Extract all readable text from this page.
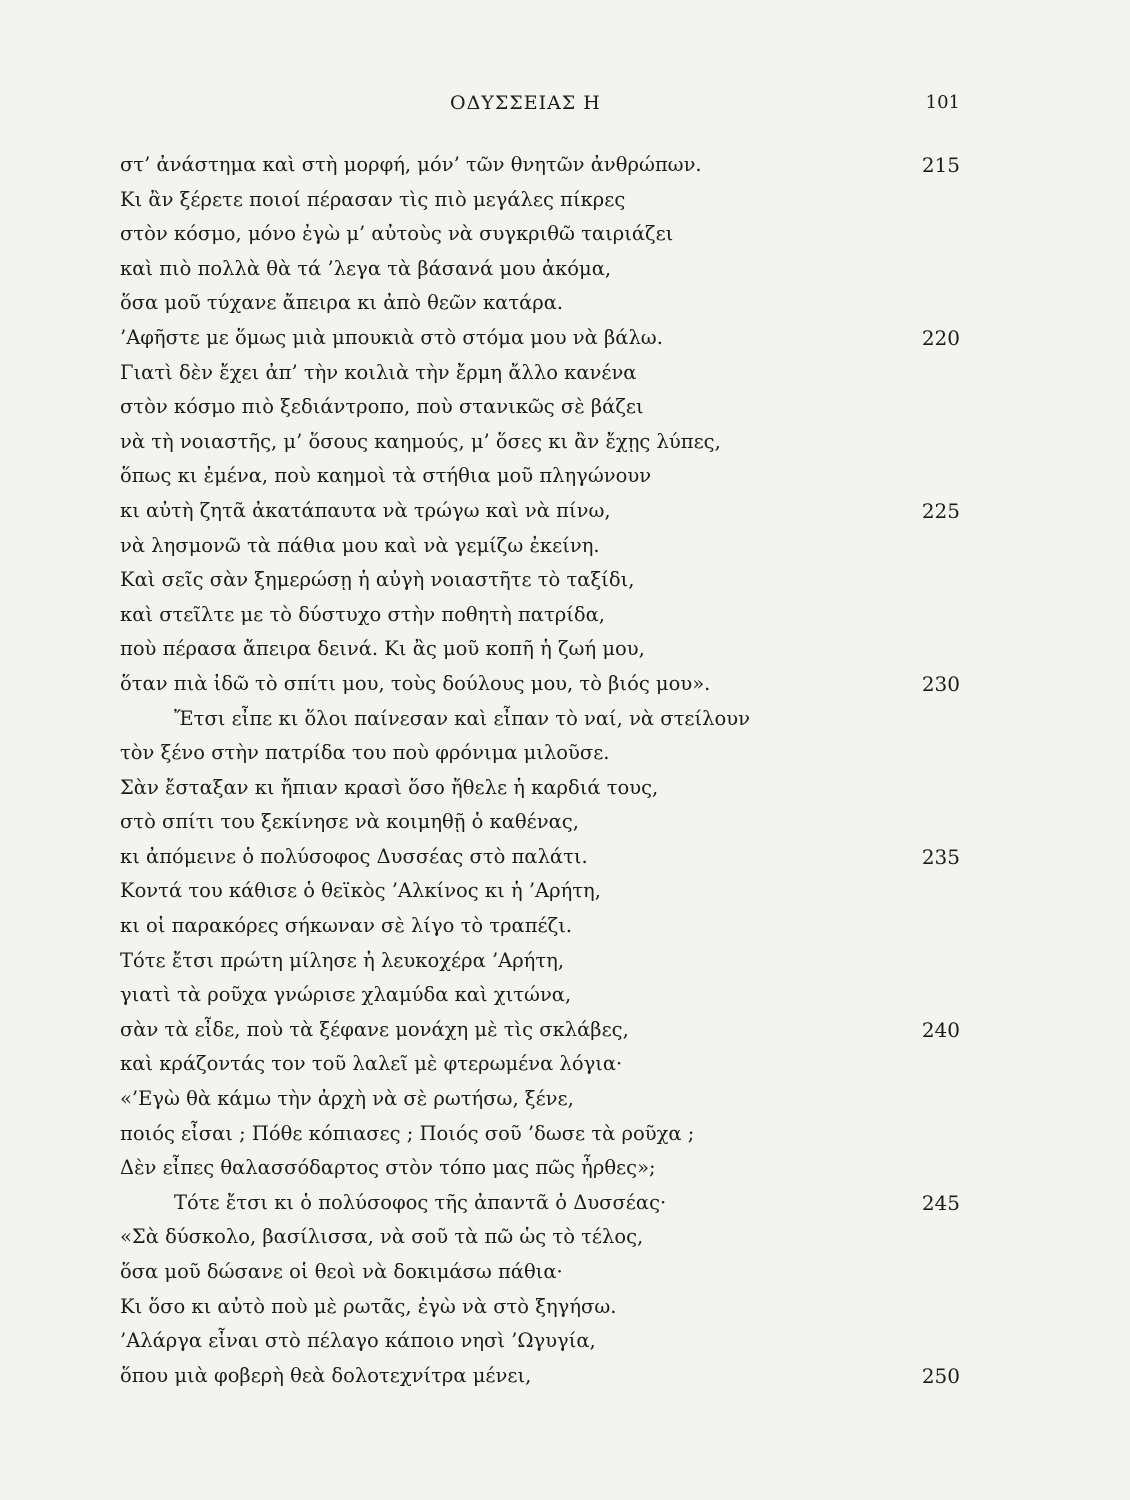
ΟΔΥΣΣΕΙΑΣ Η	101
στ’ ἀνάστημα καὶ στὴ μορφή, μόν’ τῶν θνητῶν ἀνθρώπων.	215
Κι ἂν ξέρετε ποιοί πέρασαν τὶς πιὸ μεγάλες πίκρες
στὸν κόσμο, μόνο ἐγὼ μ’ αὐτοὺς νὰ συγκριθῶ ταιριάζει
καὶ πιὸ πολλὰ θὰ τά ’λεγα τὰ βάσανά μου ἀκόμα,
ὅσα μοῦ τύχανε ἄπειρα κι ἀπὸ θεῶν κατάρα.
’Αφῆστε με ὅμως μιὰ μπουκιὰ στὸ στόμα μου νὰ βάλω.	220
Γιατὶ δὲν ἔχει ἀπ’ τὴν κοιλιὰ τὴν ἔρμη ἄλλο κανένα
στὸν κόσμο πιὸ ξεδιάντροπο, ποὺ στανικῶς σὲ βάζει
νὰ τὴ νοιαστῆς, μ’ ὅσους καημούς, μ’ ὅσες κι ἂν ἔχῃς λύπες,
ὅπως κι ἐμένα, ποὺ καημοὶ τὰ στήθια μοῦ πληγώνουν
κι αὐτὴ ζητᾶ ἀκατάπαυτα νὰ τρώγω καὶ νὰ πίνω,	225
νὰ λησμονῶ τὰ πάθια μου καὶ νὰ γεμίζω ἐκείνη.
Καὶ σεῖς σὰν ξημερώσῃ ἡ αὐγὴ νοιαστῆτε τὸ ταξίδι,
καὶ στεῖλτε με τὸ δύστυχο στὴν ποθητὴ πατρίδα,
ποὺ πέρασα ἄπειρα δεινά. Κι ἂς μοῦ κοπῆ ἡ ζωή μου,
ὅταν πιὰ ἰδῶ τὸ σπίτι μου, τοὺς δούλους μου, τὸ βιός μου».	230
Ἔτσι εἶπε κι ὅλοι παίνεσαν καὶ εἶπαν τὸ ναί, νὰ στείλουν
τὸν ξένο στὴν πατρίδα του ποὺ φρόνιμα μιλοῦσε.
Σὰν ἔσταξαν κι ἤπιαν κρασὶ ὅσο ἤθελε ἡ καρδιά τους,
στὸ σπίτι του ξεκίνησε νὰ κοιμηθῇ ὁ καθένας,
κι ἀπόμεινε ὁ πολύσοφος Δυσσέας στὸ παλάτι.	235
Κοντά του κάθισε ὁ θεϊκὸς ’Αλκίνος κι ἡ ’Αρήτη,
κι οἱ παρακόρες σήκωναν σὲ λίγο τὸ τραπέζι.
Τότε ἔτσι πρώτη μίλησε ἡ λευκοχέρα ’Αρήτη,
γιατὶ τὰ ροῦχα γνώρισε χλαμύδα καὶ χιτώνα,
σὰν τὰ εἶδε, ποὺ τὰ ξέφανε μονάχη μὲ τὶς σκλάβες,	240
καὶ κράζοντάς τον τοῦ λαλεῖ μὲ φτερωμένα λόγια·
«’Εγὼ θὰ κάμω τὴν ἀρχὴ νὰ σὲ ρωτήσω, ξένε,
ποιός εἶσαι ; Πόθε κόπιασες ; Ποιός σοῦ ’δωσε τὰ ροῦχα ;
Δὲν εἶπες θαλασσόδαρτος στὸν τόπο μας πῶς ἦρθες»;
Τότε ἔτσι κι ὁ πολύσοφος τῆς ἀπαντᾶ ὁ Δυσσέας·	245
«Σὰ δύσκολο, βασίλισσα, νὰ σοῦ τὰ πῶ ὡς τὸ τέλος,
ὅσα μοῦ δώσανε οἱ θεοὶ νὰ δοκιμάσω πάθια·
Κι ὅσο κι αὐτὸ ποὺ μὲ ρωτᾶς, ἐγὼ νὰ στὸ ξηγήσω.
’Αλάργα εἶναι στὸ πέλαγο κάποιο νησὶ ’Ωγυγία,
ὅπου μιὰ φοβερὴ θεὰ δολοτεχνίτρα μένει,	250
